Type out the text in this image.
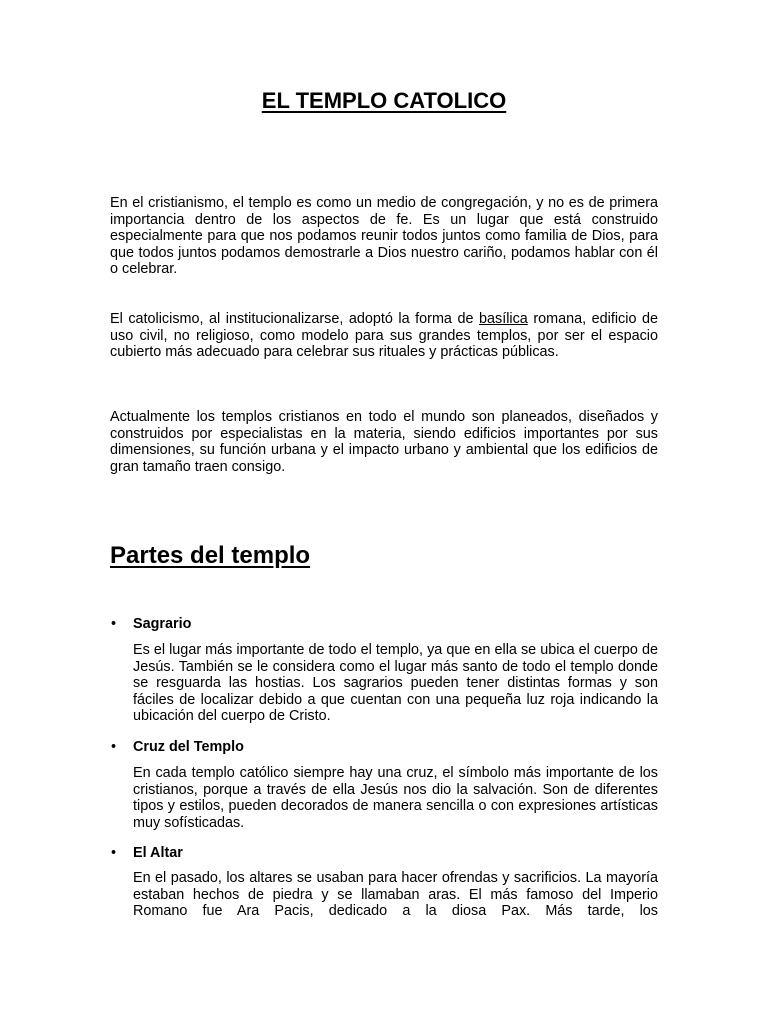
EL TEMPLO CATOLICO

En el cristianismo, el templo es como un medio de congregación, y no es de primera importancia dentro de los aspectos de fe. Es un lugar que está construido especialmente para que nos podamos reunir todos juntos como familia de Dios, para que todos juntos podamos demostrarle a Dios nuestro cariño, podamos hablar con él o celebrar.

El catolicismo, al institucionalizarse, adoptó la forma de basílica romana, edificio de uso civil, no religioso, como modelo para sus grandes templos, por ser el espacio cubierto más adecuado para celebrar sus rituales y prácticas públicas.

Actualmente los templos cristianos en todo el mundo son planeados, diseñados y construidos por especialistas en la materia, siendo edificios importantes por sus dimensiones, su función urbana y el impacto urbano y ambiental que los edificios de gran tamaño traen consigo.

Partes del templo
• Sagrario

Es el lugar más importante de todo el templo, ya que en ella se ubica el cuerpo de Jesús. También se le considera como el lugar más santo de todo el templo donde se resguarda las hostias. Los sagrarios pueden tener distintas formas y son fáciles de localizar debido a que cuentan con una pequeña luz roja indicando la ubicación del cuerpo de Cristo.

• Cruz del Templo

En cada templo católico siempre hay una cruz, el símbolo más importante de los cristianos, porque a través de ella Jesús nos dio la salvación. Son de diferentes tipos y estilos, pueden decorados de manera sencilla o con expresiones artísticas muy sofísticadas.

• El Altar

En el pasado, los altares se usaban para hacer ofrendas y sacrificios. La mayoría estaban hechos de piedra y se llamaban aras. El más famoso del Imperio Romano fue Ara Pacis, dedicado a la diosa Pax. Más tarde, los
